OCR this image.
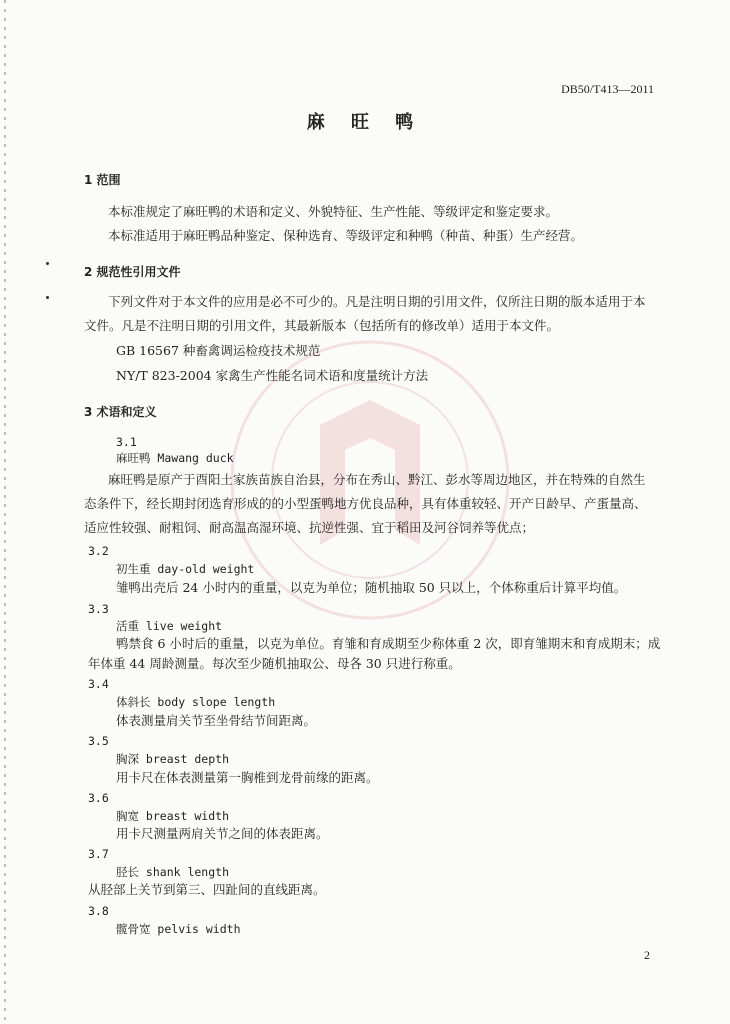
DB50/T413—2011
麻 旺 鸭
1 范围
本标准规定了麻旺鸭的术语和定义、外貌特征、生产性能、等级评定和鉴定要求。
本标准适用于麻旺鸭品种鉴定、保种选育、等级评定和种鸭（种苗、种蛋）生产经营。
2 规范性引用文件
下列文件对于本文件的应用是必不可少的。凡是注明日期的引用文件，仅所注日期的版本适用于本
文件。凡是不注明日期的引用文件，其最新版本（包括所有的修改单）适用于本文件。
GB 16567 种畜禽调运检疫技术规范
NY/T 823-2004 家禽生产性能名词术语和度量统计方法
3 术语和定义
3.1
麻旺鸭 Mawang duck
麻旺鸭是原产于酉阳土家族苗族自治县，分布在秀山、黔江、彭水等周边地区，并在特殊的自然生
态条件下，经长期封闭选育形成的的小型蛋鸭地方优良品种，具有体重较轻、开产日龄早、产蛋量高、
适应性较强、耐粗饲、耐高温高湿环境、抗逆性强、宜于稻田及河谷饲养等优点；
3.2
初生重 day-old weight
雏鸭出壳后 24 小时内的重量，以克为单位；随机抽取 50 只以上，个体称重后计算平均值。
3.3
活重 live weight
鸭禁食 6 小时后的重量，以克为单位。育雏和育成期至少称体重 2 次，即育雏期末和育成期末；成
年体重 44 周龄测量。每次至少随机抽取公、母各 30 只进行称重。
3.4
体斜长 body slope length
体表测量肩关节至坐骨结节间距离。
3.5
胸深 breast depth
用卡尺在体表测量第一胸椎到龙骨前缘的距离。
3.6
胸宽 breast width
用卡尺测量两肩关节之间的体表距离。
3.7
胫长 shank length
从胫部上关节到第三、四趾间的直线距离。
3.8
髋骨宽 pelvis width
2
